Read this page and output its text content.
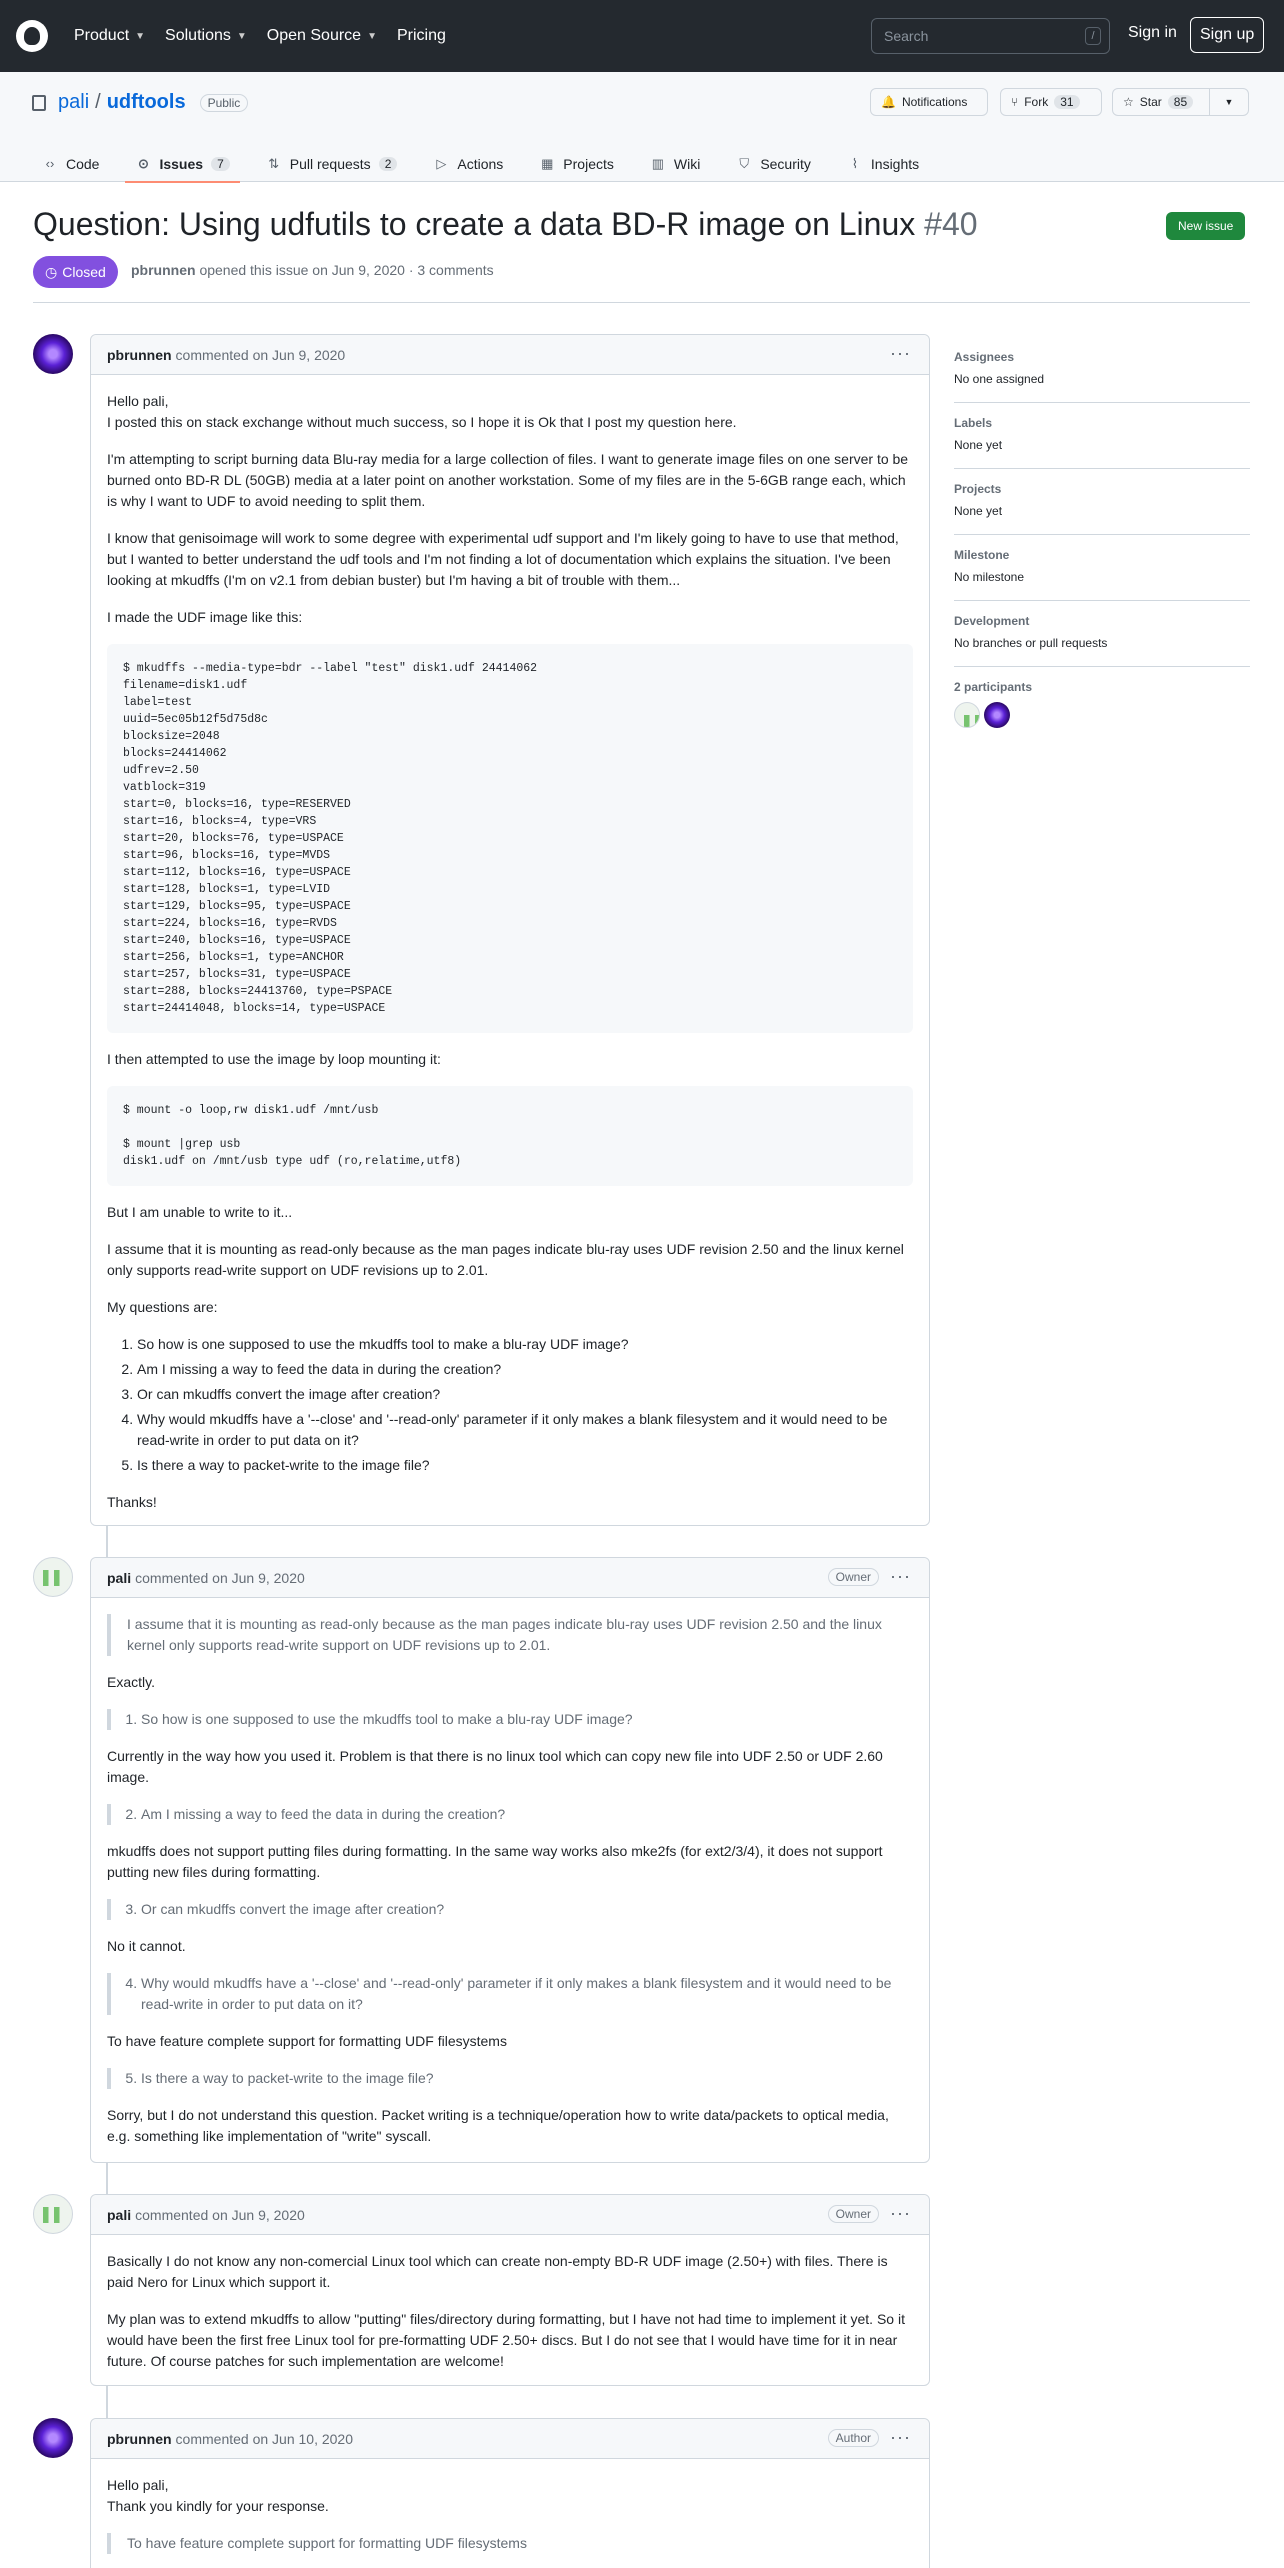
Product ▼ Solutions ▼ Open Source ▼ Pricing	Search	/	Sign in	Sign up
pali / udftools	Public	🔔 Notifications	⑂ Fork	31	☆ Star	85	▼
‹› Code	⊙ Issues	7	⇅ Pull requests	2	▷ Actions	▦ Projects	▥ Wiki	⛉ Security	⌇ Insights
Question: Using udfutils to create a data BD-R image on Linux #40	New issue
◷ Closed pbrunnen opened this issue on Jun 9, 2020 · 3 comments
pbrunnen commented on Jun 9, 2020	···

Hello pali,
I posted this on stack exchange without much success, so I hope it is Ok that I post my question here.

I'm attempting to script burning data Blu-ray media for a large collection of files. I want to generate image files on one server to be burned onto BD-R DL (50GB) media at a later point on another workstation. Some of my files are in the 5-6GB range each, which is why I want to UDF to avoid needing to split them.

I know that genisoimage will work to some degree with experimental udf support and I'm likely going to have to use that method, but I wanted to better understand the udf tools and I'm not finding a lot of documentation which explains the situation. I've been looking at mkudffs (I'm on v2.1 from debian buster) but I'm having a bit of trouble with them...

I made the UDF image like this:

$ mkudffs --media-type=bdr --label "test" disk1.udf 24414062
filename=disk1.udf
label=test
uuid=5ec05b12f5d75d8c
blocksize=2048
blocks=24414062
udfrev=2.50
vatblock=319
start=0, blocks=16, type=RESERVED
start=16, blocks=4, type=VRS
start=20, blocks=76, type=USPACE
start=96, blocks=16, type=MVDS
start=112, blocks=16, type=USPACE
start=128, blocks=1, type=LVID
start=129, blocks=95, type=USPACE
start=224, blocks=16, type=RVDS
start=240, blocks=16, type=USPACE
start=256, blocks=1, type=ANCHOR
start=257, blocks=31, type=USPACE
start=288, blocks=24413760, type=PSPACE
start=24414048, blocks=14, type=USPACE

I then attempted to use the image by loop mounting it:

$ mount -o loop,rw disk1.udf /mnt/usb

$ mount |grep usb
disk1.udf on /mnt/usb type udf (ro,relatime,utf8)

But I am unable to write to it...

I assume that it is mounting as read-only because as the man pages indicate blu-ray uses UDF revision 2.50 and the linux kernel only supports read-write support on UDF revisions up to 2.01.

My questions are:

1. So how is one supposed to use the mkudffs tool to make a blu-ray UDF image?
2. Am I missing a way to feed the data in during the creation?
3. Or can mkudffs convert the image after creation?
4. Why would mkudffs have a '--close' and '--read-only' parameter if it only makes a blank filesystem and it would need to be read-write in order to put data on it?
5. Is there a way to packet-write to the image file?

Thanks!

pali commented on Jun 9, 2020	Owner	···
I assume that it is mounting as read-only because as the man pages indicate blu-ray uses UDF revision 2.50 and the linux kernel only supports read-write support on UDF revisions up to 2.01.

Exactly.

1. So how is one supposed to use the mkudffs tool to make a blu-ray UDF image?

Currently in the way how you used it. Problem is that there is no linux tool which can copy new file into UDF 2.50 or UDF 2.60 image.

2. Am I missing a way to feed the data in during the creation?

mkudffs does not support putting files during formatting. In the same way works also mke2fs (for ext2/3/4), it does not support putting new files during formatting.

3. Or can mkudffs convert the image after creation?

No it cannot.

4. Why would mkudffs have a '--close' and '--read-only' parameter if it only makes a blank filesystem and it would need to be read-write in order to put data on it?

To have feature complete support for formatting UDF filesystems

5. Is there a way to packet-write to the image file?

Sorry, but I do not understand this question. Packet writing is a technique/operation how to write data/packets to optical media, e.g. something like implementation of "write" syscall.

pali commented on Jun 9, 2020	Owner	···

Basically I do not know any non-comercial Linux tool which can create non-empty BD-R UDF image (2.50+) with files. There is paid Nero for Linux which support it.

My plan was to extend mkudffs to allow "putting" files/directory during formatting, but I have not had time to implement it yet. So it would have been the first free Linux tool for pre-formatting UDF 2.50+ discs. But I do not see that I would have time for it in near future. Of course patches for such implementation are welcome!

pbrunnen commented on Jun 10, 2020	Author	···

Hello pali,
Thank you kindly for your response.

To have feature complete support for formatting UDF filesystems
Assignees
No one assigned
Labels
None yet
Projects
None yet
Milestone
No milestone
Development
No branches or pull requests
2 participants
